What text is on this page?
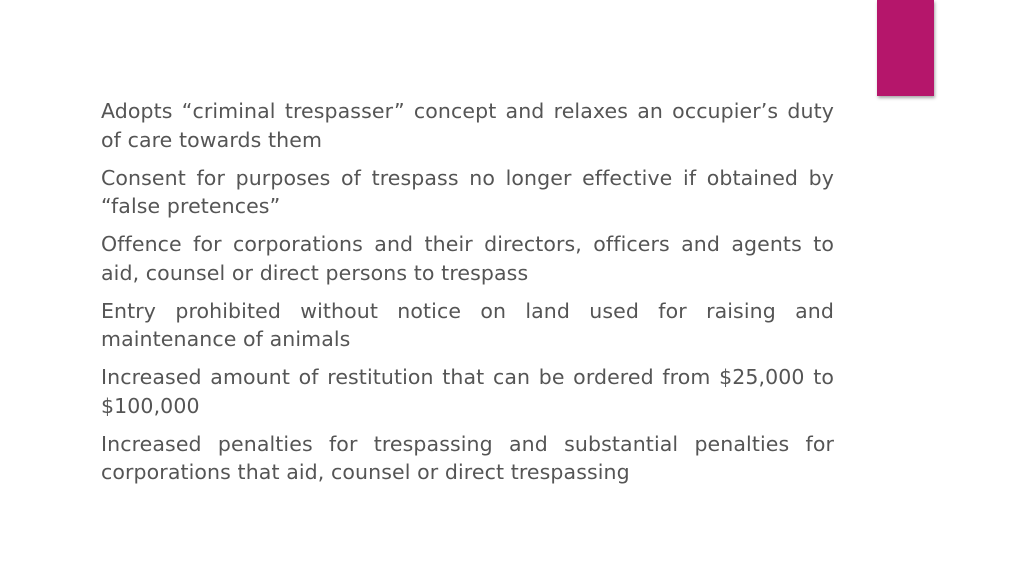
Adopts “criminal trespasser” concept and relaxes an occupier’s duty of care towards them
Consent for purposes of trespass no longer effective if obtained by “false pretences”
Offence for corporations and their directors, officers and agents to aid, counsel or direct persons to trespass
Entry prohibited without notice on land used for raising and maintenance of animals
Increased amount of restitution that can be ordered from $25,000 to $100,000
Increased penalties for trespassing and substantial penalties for corporations that aid, counsel or direct trespassing
